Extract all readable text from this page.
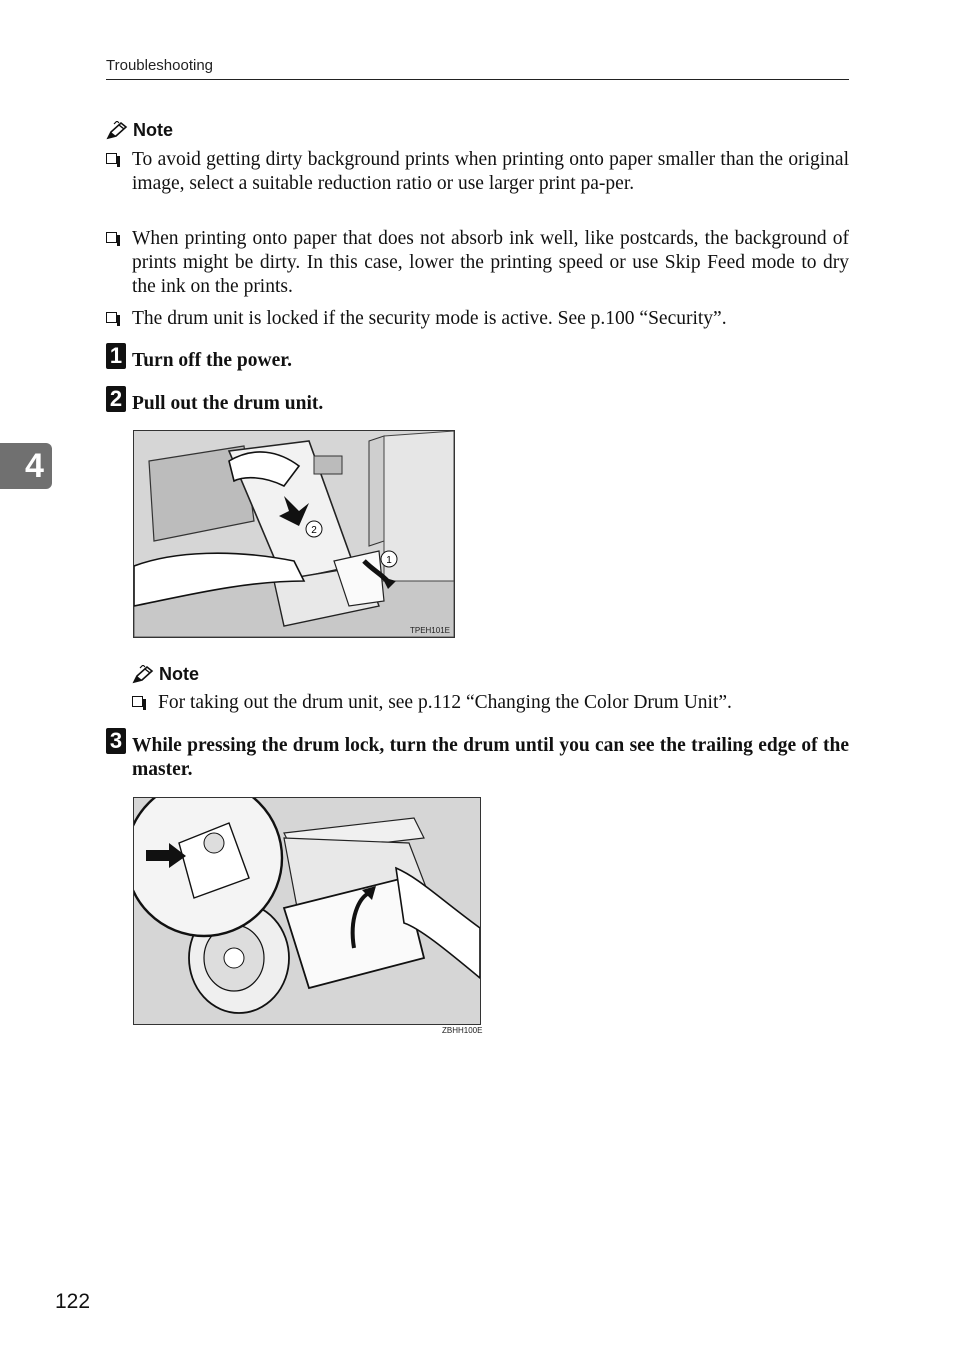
Troubleshooting
4
Note
To avoid getting dirty background prints when printing onto paper smaller than the original image, select a suitable reduction ratio or use larger print pa-per.
When printing onto paper that does not absorb ink well, like postcards, the background of prints might be dirty. In this case, lower the printing speed or use Skip Feed mode to dry the ink on the prints.
The drum unit is locked if the security mode is active. See p.100 “Security”.
1 Turn off the power.
2 Pull out the drum unit.
2
1
TPEH101E
Note
For taking out the drum unit, see p.112 “Changing the Color Drum Unit”.
3 While pressing the drum lock, turn the drum until you can see the trailing edge of the master.
ZBHH100E
122
